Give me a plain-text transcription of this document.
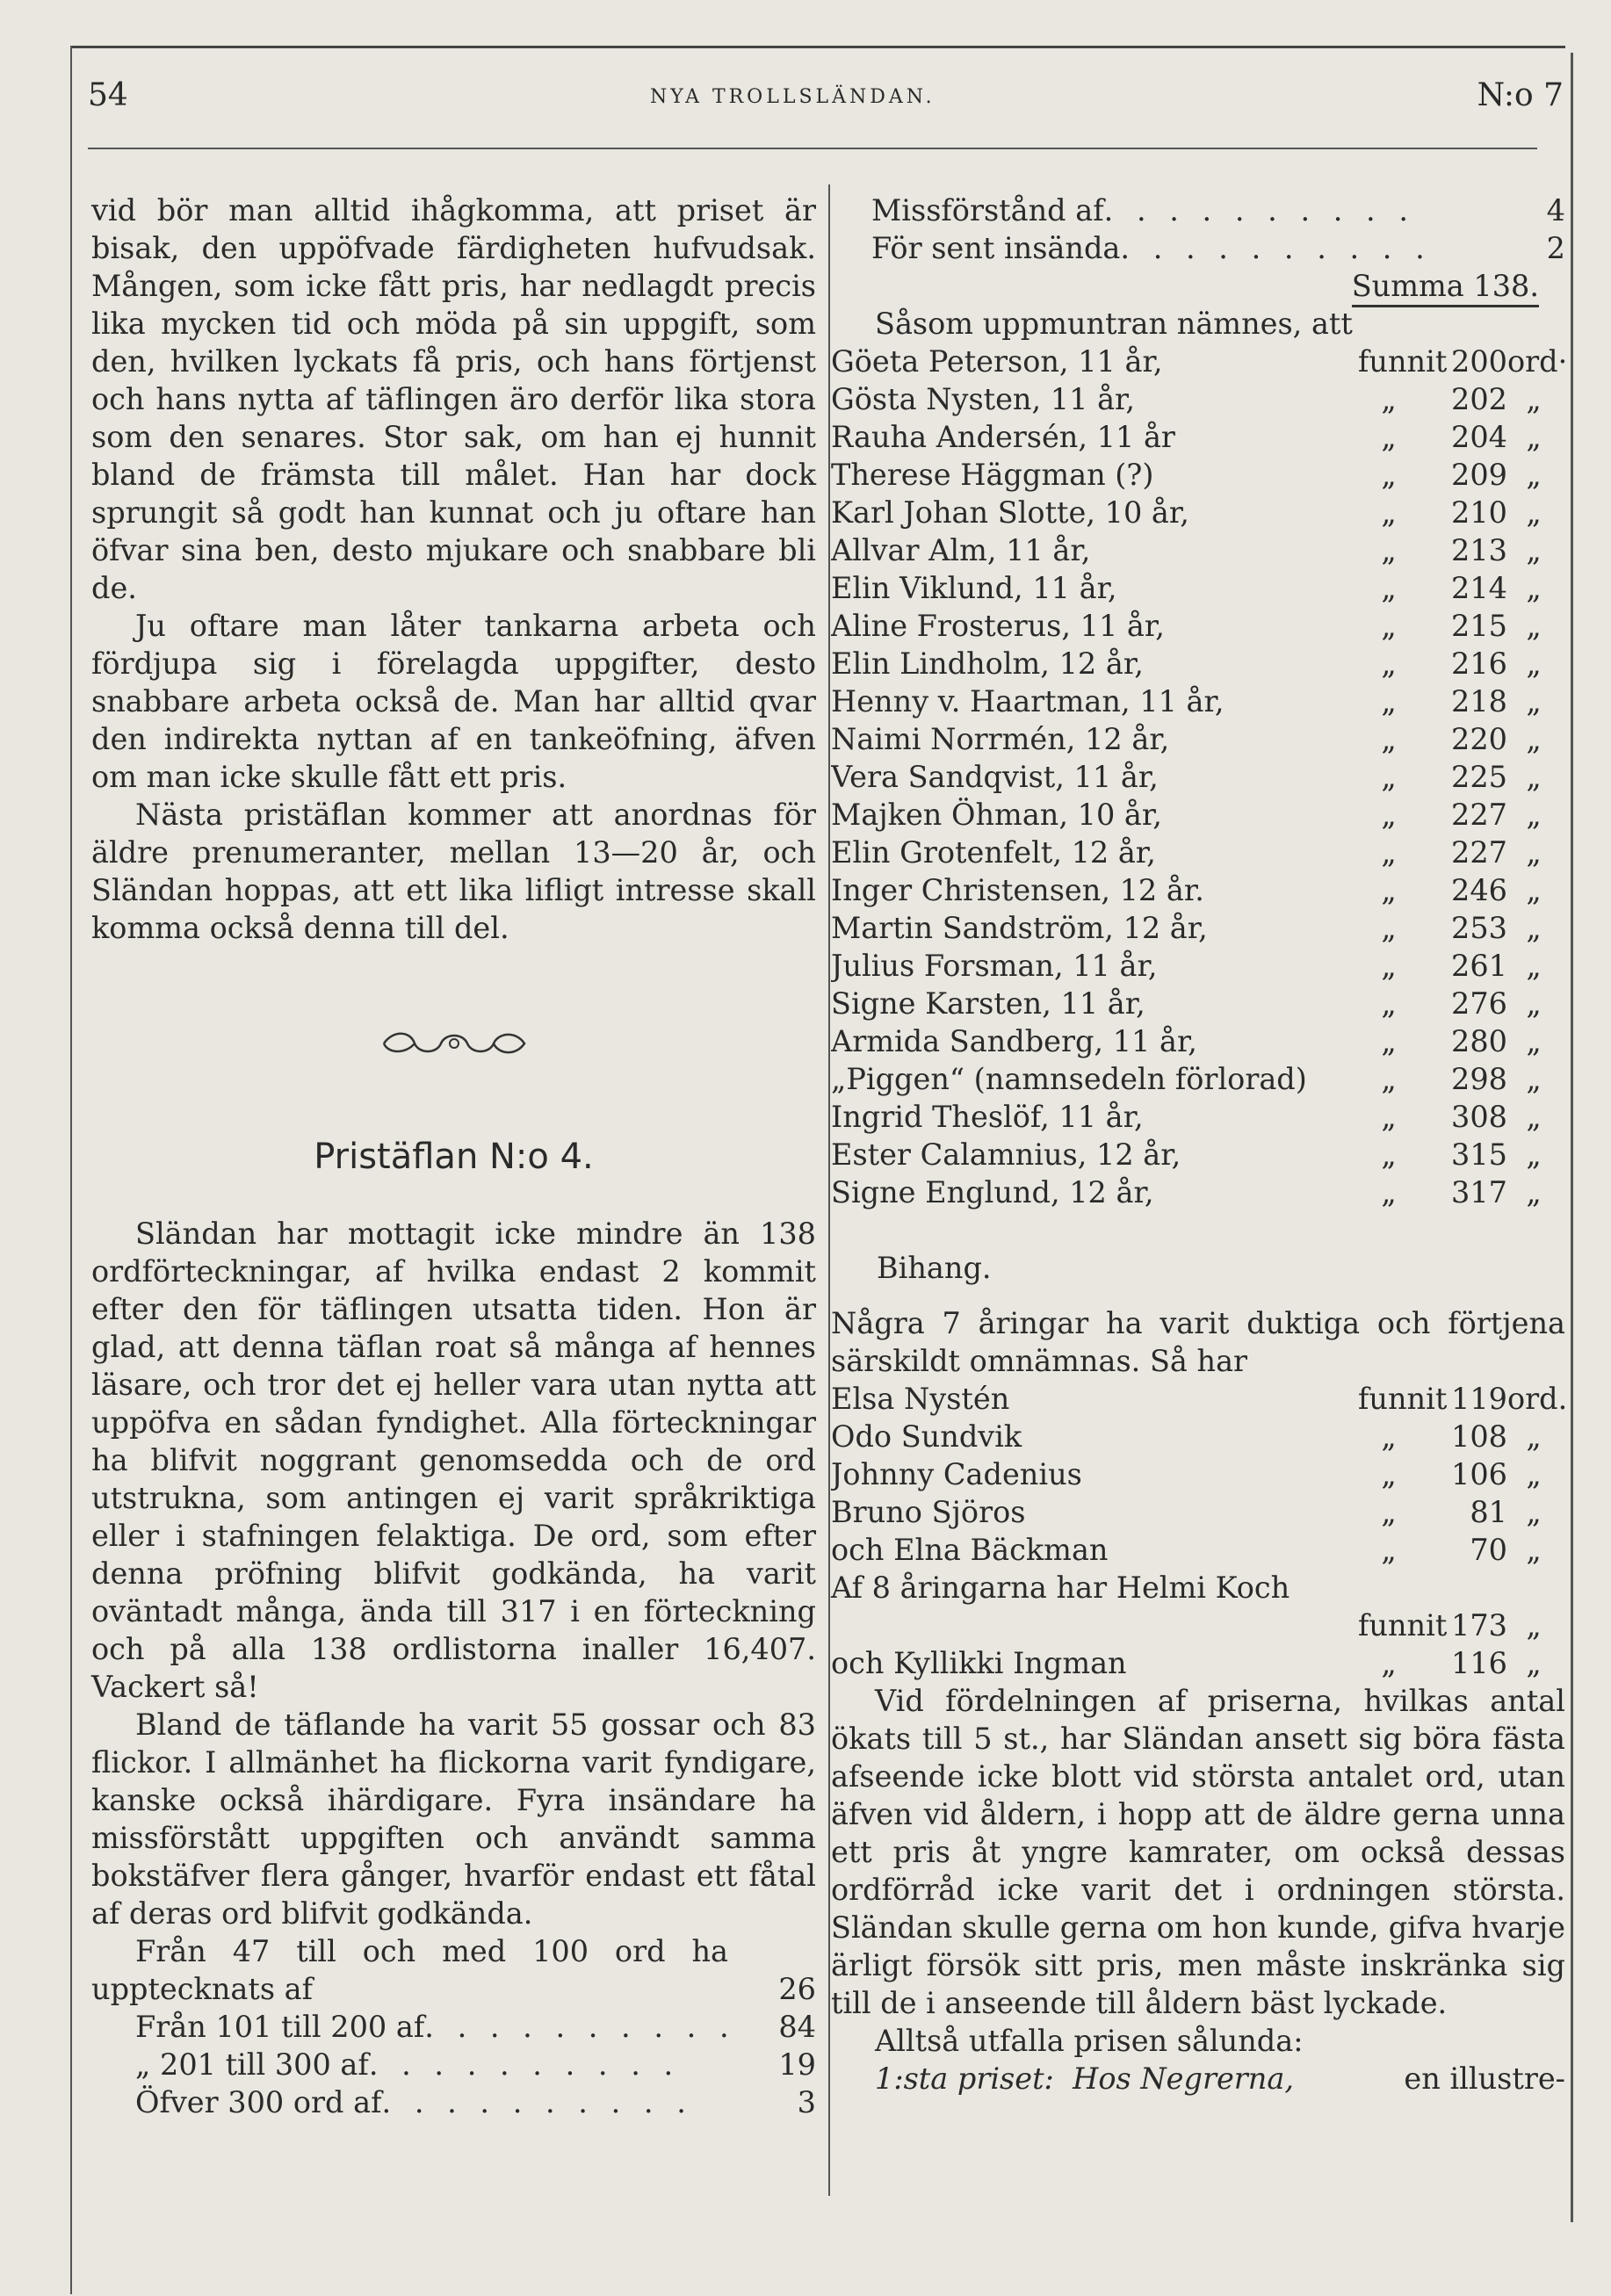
54	NYA TROLLSLÄNDAN.	N:o 7

vid bör man alltid ihågkomma, att priset är bisak, den uppöfvade färdigheten hufvudsak. Mången, som icke fått pris, har nedlagdt precis lika mycken tid och möda på sin uppgift, som den, hvilken lyckats få pris, och hans förtjenst och hans nytta af täflingen äro derför lika stora som den senares. Stor sak, om han ej hunnit bland de främsta till målet. Han har dock sprungit så godt han kunnat och ju oftare han öfvar sina ben, desto mjukare och snabbare bli de.

Ju oftare man låter tankarna arbeta och fördjupa sig i förelagda uppgifter, desto snabbare arbeta också de. Man har alltid qvar den indirekta nyttan af en tankeöfning, äfven om man icke skulle fått ett pris.

Nästa pristäflan kommer att anordnas för äldre prenumeranter, mellan 13—20 år, och Sländan hoppas, att ett lika lifligt intresse skall komma också denna till del.

Pristäflan N:o 4.

Sländan har mottagit icke mindre än 138 ordförteckningar, af hvilka endast 2 kommit efter den för täflingen utsatta tiden. Hon är glad, att denna täflan roat så många af hennes läsare, och tror det ej heller vara utan nytta att uppöfva en sådan fyndighet. Alla förteckningar ha blifvit noggrant genomsedda och de ord utstrukna, som antingen ej varit språkriktiga eller i stafningen felaktiga. De ord, som efter denna pröfning blifvit godkända, ha varit oväntadt många, ända till 317 i en förteckning och på alla 138 ordlistorna inaller 16,407. Vackert så!

Bland de täflande ha varit 55 gossar och 83 flickor. I allmänhet ha flickorna varit fyndigare, kanske också ihärdigare. Fyra insändare ha missförstått uppgiften och användt samma bokstäfver flera gånger, hvarför endast ett fåtal af deras ord blifvit godkända.

Från 47 till och med 100 ord ha upptecknats af	26
Från 101 till 200 af . . . . . . . . . .	84
„ 201 till 300 af . . . . . . . . . .	19
Öfver 300 ord af . . . . . . . . . .	3
Missförstånd af . . . . . . . . . .	4
För sent insända . . . . . . . . . .	2
Summa 138.

Såsom uppmuntran nämnes, att

Göeta Peterson, 11 år,	funnit 200 ord·
Gösta Nysten, 11 år,	„	202 „
Rauha Andersén, 11 år	„	204 „
Therese Häggman (?)	„	209 „
Karl Johan Slotte, 10 år,	„	210 „
Allvar Alm, 11 år,	„	213 „
Elin Viklund, 11 år,	„	214 „
Aline Frosterus, 11 år,	„	215 „
Elin Lindholm, 12 år,	„	216 „
Henny v. Haartman, 11 år,	„	218 „
Naimi Norrmén, 12 år,	„	220 „
Vera Sandqvist, 11 år,	„	225 „
Majken Öhman, 10 år,	„	227 „
Elin Grotenfelt, 12 år,	„	227 „
Inger Christensen, 12 år.	„	246 „
Martin Sandström, 12 år,	„	253 „
Julius Forsman, 11 år,	„	261 „
Signe Karsten, 11 år,	„	276 „
Armida Sandberg, 11 år,	„	280 „
„Piggen“ (namnsedeln förlorad)	„	298 „
Ingrid Theslöf, 11 år,	„	308 „
Ester Calamnius, 12 år,	„	315 „
Signe Englund, 12 år,	„	317 „
Bihang.

Några 7 åringar ha varit duktiga och förtjena särskildt omnämnas. Så har

Elsa Nystén	funnit 119 ord.
Odo Sundvik	„	108 „
Johnny Cadenius	„	106 „
Bruno Sjöros	„	81 „
och Elna Bäckman	„	70 „

Af 8 åringarna har Helmi Koch

funnit 173 „
och Kyllikki Ingman	„	116 „

Vid fördelningen af priserna, hvilkas antal ökats till 5 st., har Sländan ansett sig böra fästa afseende icke blott vid största antalet ord, utan äfven vid åldern, i hopp att de äldre gerna unna ett pris åt yngre kamrater, om också dessas ordförråd icke varit det i ordningen största. Sländan skulle gerna om hon kunde, gifva hvarje ärligt försök sitt pris, men måste inskränka sig till de i anseende till åldern bäst lyckade.

Alltså utfalla prisen sålunda:

1:sta priset:
Hos Negrerna,
	en illustre-
